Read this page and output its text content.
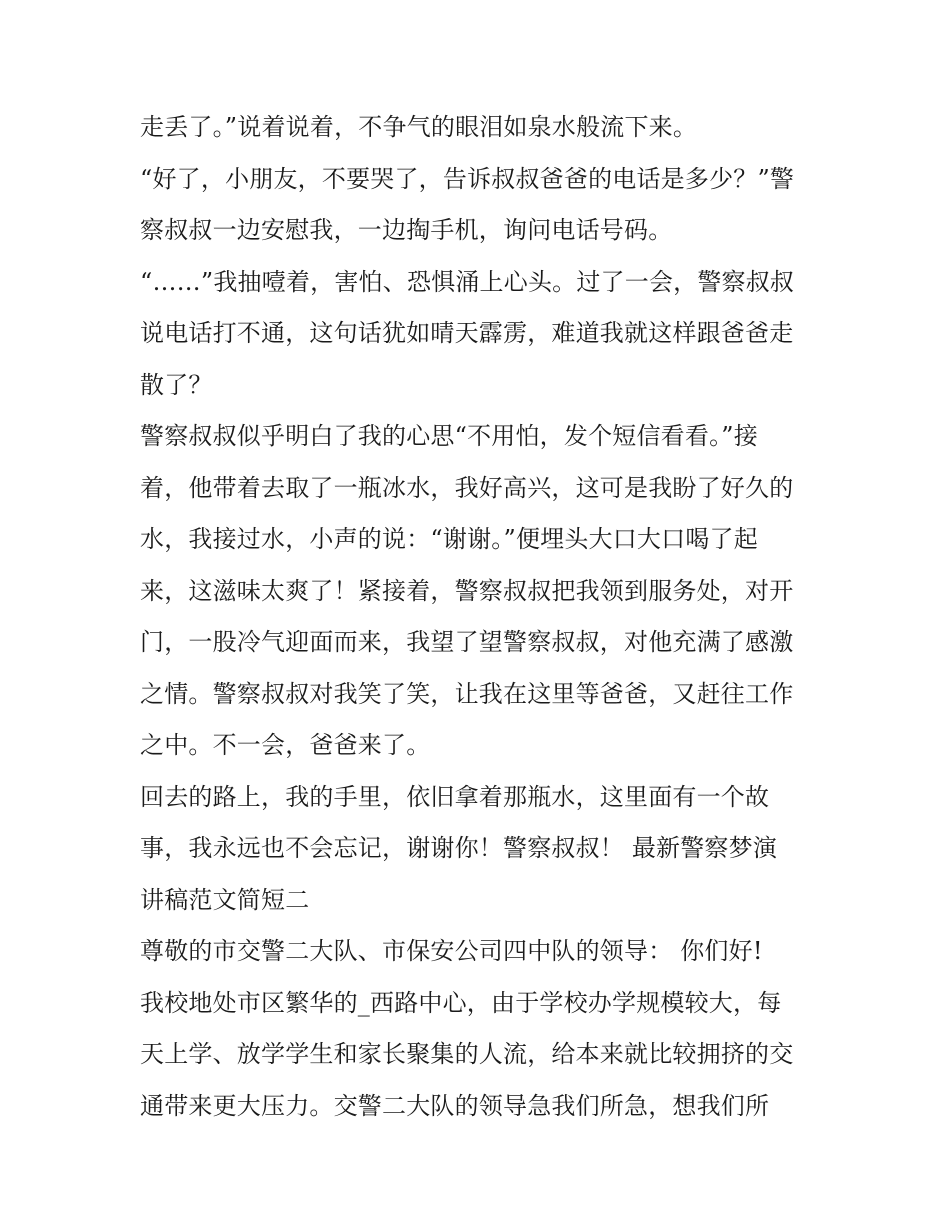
走丢了。”说着说着，不争气的眼泪如泉水般流下来。
“好了，小朋友，不要哭了，告诉叔叔爸爸的电话是多少？”警
察叔叔一边安慰我，一边掏手机，询问电话号码。
“……”我抽噎着，害怕、恐惧涌上心头。过了一会，警察叔叔
说电话打不通，这句话犹如晴天霹雳，难道我就这样跟爸爸走
散了？
警察叔叔似乎明白了我的心思“不用怕，发个短信看看。”接
着，他带着去取了一瓶冰水，我好高兴，这可是我盼了好久的
水，我接过水，小声的说：“谢谢。”便埋头大口大口喝了起
来，这滋味太爽了！紧接着，警察叔叔把我领到服务处，对开
门，一股冷气迎面而来，我望了望警察叔叔，对他充满了感激
之情。警察叔叔对我笑了笑，让我在这里等爸爸，又赶往工作
之中。不一会，爸爸来了。
回去的路上，我的手里，依旧拿着那瓶水，这里面有一个故
事，我永远也不会忘记，谢谢你！警察叔叔！ 最新警察梦演
讲稿范文简短二
尊敬的市交警二大队、市保安公司四中队的领导： 你们好!
我校地处市区繁华的_西路中心，由于学校办学规模较大，每
天上学、放学学生和家长聚集的人流，给本来就比较拥挤的交
通带来更大压力。交警二大队的领导急我们所急，想我们所
